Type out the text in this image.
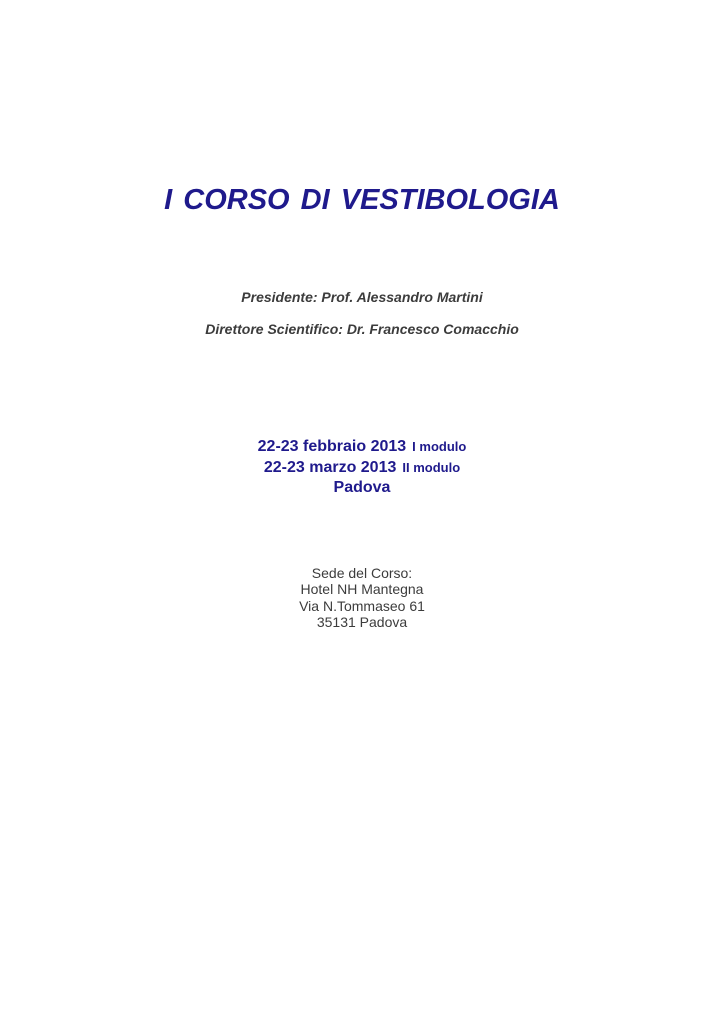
I CORSO DI VESTIBOLOGIA
Presidente: Prof. Alessandro Martini
Direttore Scientifico: Dr. Francesco Comacchio
22-23 febbraio 2013 I modulo
22-23 marzo 2013 II modulo
Padova
Sede del Corso:
Hotel NH Mantegna
Via N.Tommaseo 61
35131 Padova
